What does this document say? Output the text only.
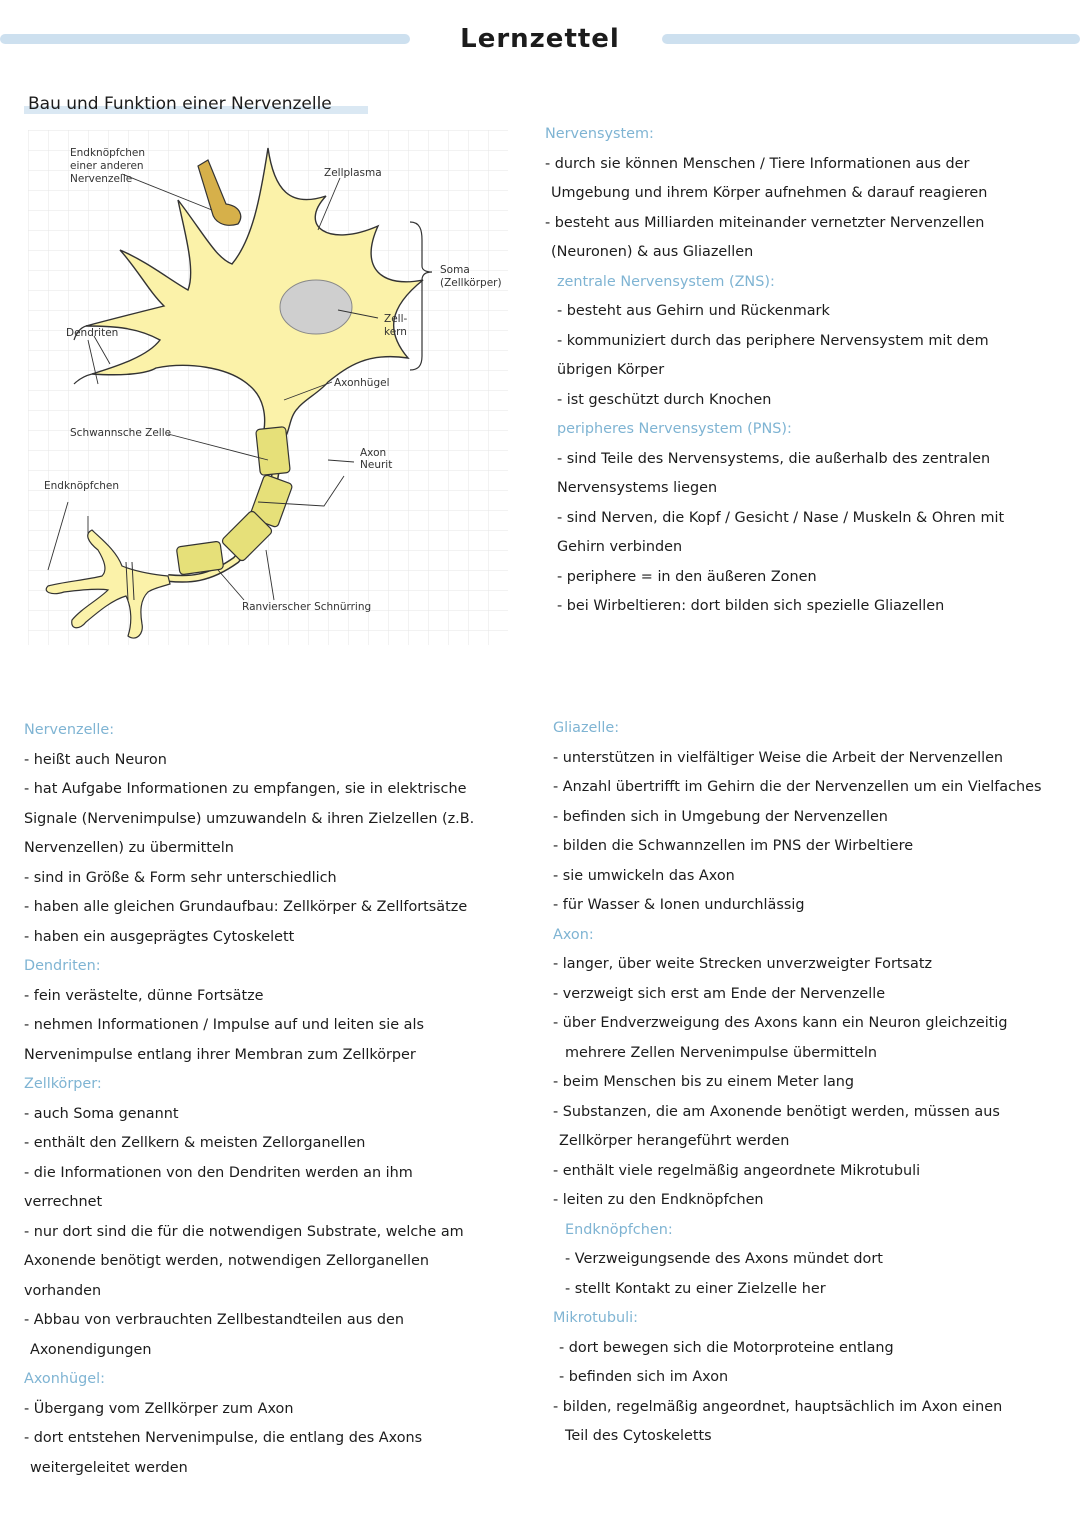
Lernzettel
Bau und Funktion einer Nervenzelle
Endknöpfchen
einer anderen
Nervenzelle	Zellplasma
Soma
(Zellkörper)
Zell-
kern
Dendriten
Axonhügel
Schwannsche Zelle
Axon
Neurit
Endknöpfchen
Ranvierscher Schnürring
Nervensystem:
- durch sie können Menschen / Tiere Informationen aus der
Umgebung und ihrem Körper aufnehmen & darauf reagieren
- besteht aus Milliarden miteinander vernetzter Nervenzellen
(Neuronen) & aus Gliazellen
zentrale Nervensystem (ZNS):
- besteht aus Gehirn und Rückenmark
- kommuniziert durch das periphere Nervensystem mit dem
übrigen Körper
- ist geschützt durch Knochen
peripheres Nervensystem (PNS):
- sind Teile des Nervensystems, die außerhalb des zentralen
Nervensystems liegen
- sind Nerven, die Kopf / Gesicht / Nase / Muskeln & Ohren mit
Gehirn verbinden
- periphere = in den äußeren Zonen
- bei Wirbeltieren: dort bilden sich spezielle Gliazellen
Nervenzelle:
- heißt auch Neuron
- hat Aufgabe Informationen zu empfangen, sie in elektrische
Signale (Nervenimpulse) umzuwandeln & ihren Zielzellen (z.B.
Nervenzellen) zu übermitteln
- sind in Größe & Form sehr unterschiedlich
- haben alle gleichen Grundaufbau: Zellkörper & Zellfortsätze
- haben ein ausgeprägtes Cytoskelett
Dendriten:
- fein verästelte, dünne Fortsätze
- nehmen Informationen / Impulse auf und leiten sie als
Nervenimpulse entlang ihrer Membran zum Zellkörper
Zellkörper:
- auch Soma genannt
- enthält den Zellkern & meisten Zellorganellen
- die Informationen von den Dendriten werden an ihm
verrechnet
- nur dort sind die für die notwendigen Substrate, welche am
Axonende benötigt werden, notwendigen Zellorganellen
vorhanden
- Abbau von verbrauchten Zellbestandteilen aus den
Axonendigungen
Axonhügel:
- Übergang vom Zellkörper zum Axon
- dort entstehen Nervenimpulse, die entlang des Axons
weitergeleitet werden
Gliazelle:
- unterstützen in vielfältiger Weise die Arbeit der Nervenzellen
- Anzahl übertrifft im Gehirn die der Nervenzellen um ein Vielfaches
- befinden sich in Umgebung der Nervenzellen
- bilden die Schwannzellen im PNS der Wirbeltiere
- sie umwickeln das Axon
- für Wasser & Ionen undurchlässig
Axon:
- langer, über weite Strecken unverzweigter Fortsatz
- verzweigt sich erst am Ende der Nervenzelle
- über Endverzweigung des Axons kann ein Neuron gleichzeitig
mehrere Zellen Nervenimpulse übermitteln
- beim Menschen bis zu einem Meter lang
- Substanzen, die am Axonende benötigt werden, müssen aus
Zellkörper herangeführt werden
- enthält viele regelmäßig angeordnete Mikrotubuli
- leiten zu den Endknöpfchen
Endknöpfchen:
- Verzweigungsende des Axons mündet dort
- stellt Kontakt zu einer Zielzelle her
Mikrotubuli:
- dort bewegen sich die Motorproteine entlang
- befinden sich im Axon
- bilden, regelmäßig angeordnet, hauptsächlich im Axon einen
Teil des Cytoskeletts
